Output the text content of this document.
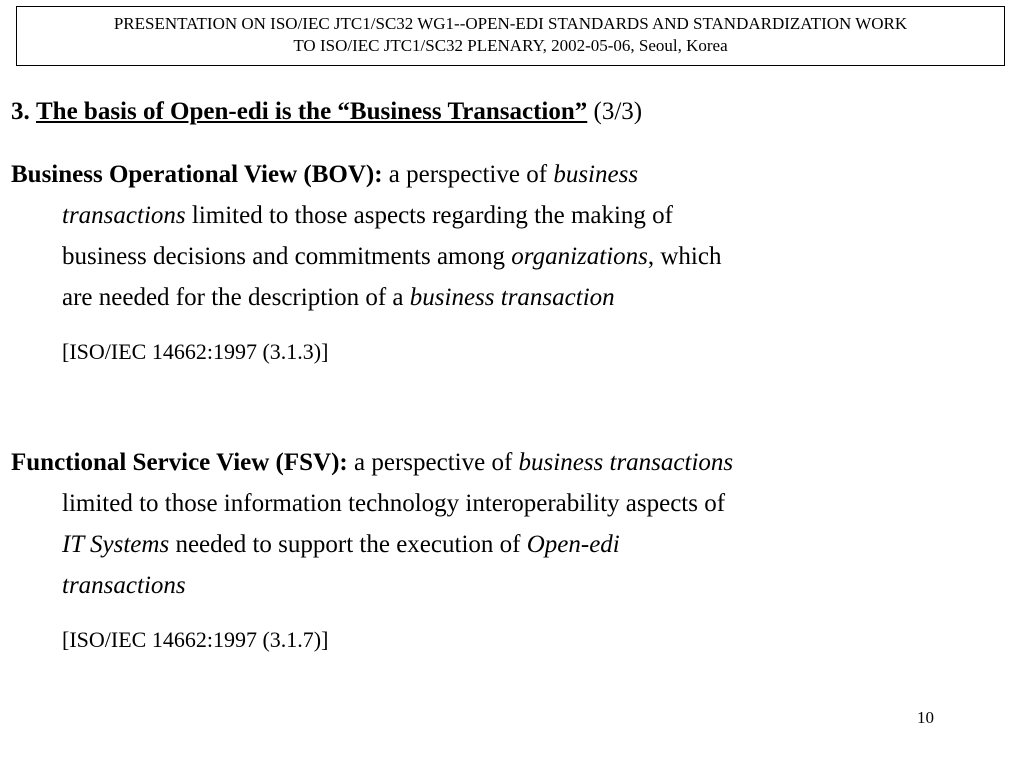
PRESENTATION ON ISO/IEC JTC1/SC32 WG1--OPEN-EDI STANDARDS AND STANDARDIZATION WORK
TO ISO/IEC JTC1/SC32 PLENARY, 2002-05-06, Seoul, Korea
3. The basis of Open-edi is the “Business Transaction” (3/3)
Business Operational View (BOV): a perspective of business
transactions limited to those aspects regarding the making of
business decisions and commitments among organizations, which
are needed for the description of a business transaction
[ISO/IEC 14662:1997 (3.1.3)]
Functional Service View (FSV): a perspective of business transactions
limited to those information technology interoperability aspects of
IT Systems needed to support the execution of Open-edi
transactions
[ISO/IEC 14662:1997 (3.1.7)]
10
